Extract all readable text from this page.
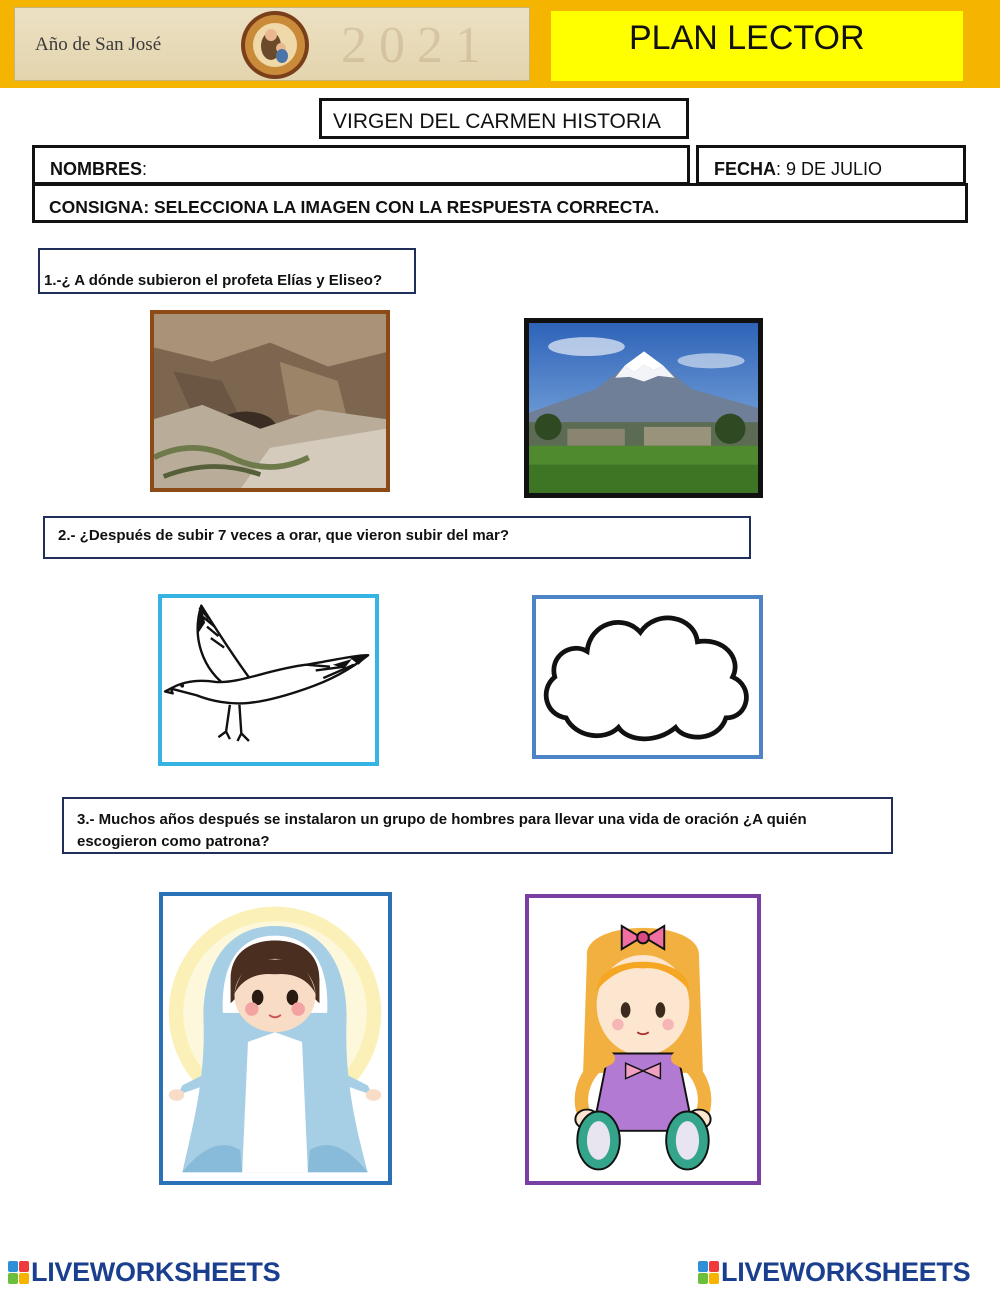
Año de San José	2021	PLAN LECTOR
VIRGEN DEL CARMEN HISTORIA
NOMBRES:	FECHA: 9 DE JULIO
CONSIGNA: SELECCIONA LA IMAGEN CON LA RESPUESTA CORRECTA.
1.-¿ A dónde subieron el profeta Elías y Eliseo?
2.- ¿Después de subir 7 veces a orar, que vieron subir del mar?
3.- Muchos años después se instalaron un grupo de hombres para llevar una vida de oración ¿A quién escogieron como patrona?
LIVEWORKSHEETS	LIVEWORKSHEETS
